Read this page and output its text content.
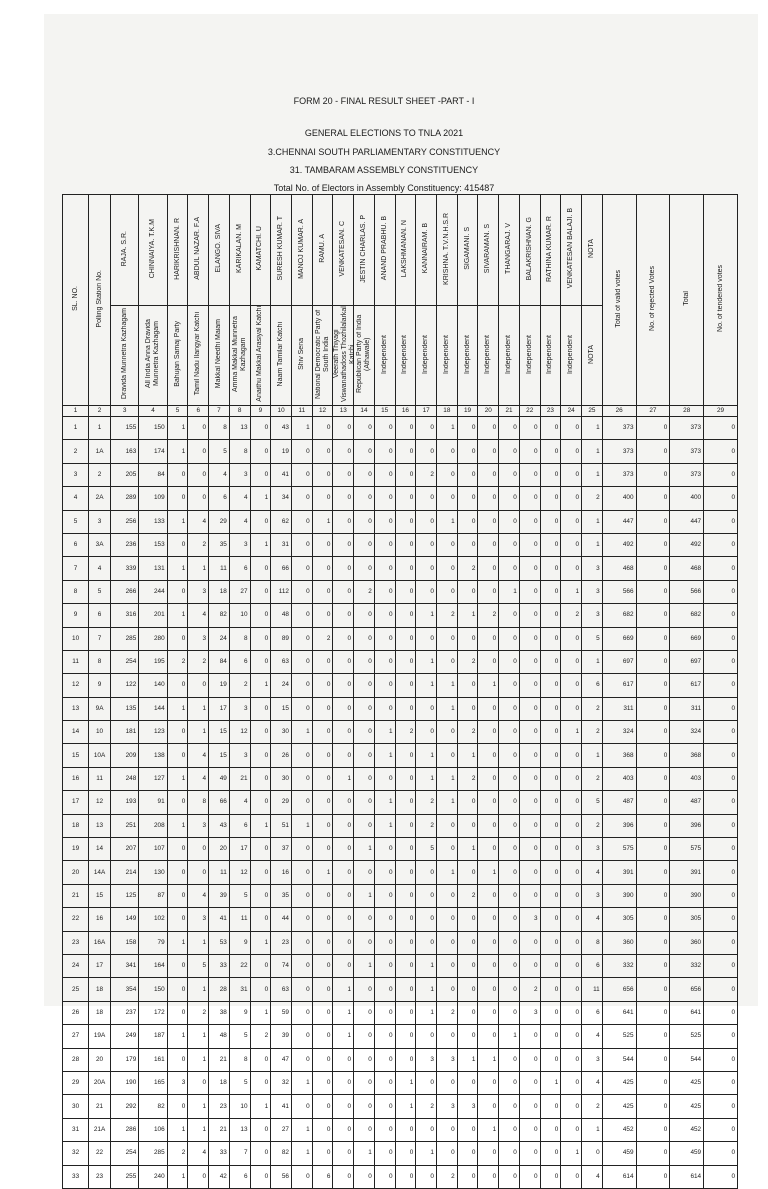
FORM 20 - FINAL RESULT SHEET -PART - I
GENERAL ELECTIONS TO TNLA 2021
3.CHENNAI SOUTH PARLIAMENTARY CONSTITUENCY
31. TAMBARAM ASSEMBLY CONSTITUENCY
Total No. of Electors in Assembly Constituency: 415487
SL. NO.	Polling Station No.	RAJA. S.R.	CHINNAIYA. T.K.M	HARIKRISHNAN. R	ABDUL NAZAR. F.A	ELANGO. SIVA	KARIKALAN. M	KAMATCHI. U	SURESH KUMAR. T	MANOJ KUMAR. A	RAMU. A	VENKATESAN. C	JESTIN CHARLAS. P	ANAND PRABHU. B	LAKSHMANAN. N	KANNAIRAM. B	KRISHNA. T.V.N.H.S.R	SIGAMANI. S	SIVARAMAN. S	THANGARAJ. V	BALAKRISHNAN. G	RATHINA KUMAR. R	VENKATESAN BALAJI. B	NOTA	Total of valid votes	No. of rejected Votes	Total	No. of tendered votes
		Dravida Munnetra Kazhagam	All India Anna Dravida Munnetra Kazhagam	Bahujan Samaj Party	Tamil Nadu Ilangyar Katchi	Makkal Needhi Maiam	Amma Makkal Munnetra Kazhagam	Anaithu Makkal Arasiyal Katchi	Naam Tamilar Katchi	Shiv Sena	National Democratic Party of South India	Veerath Thiyagi Viswanathadoss Thozhilalarkal Katchi	Republican Party of India (Athawale)	Independent	Independent	Independent	Independent	Independent	Independent	Independent	Independent	Independent	Independent	NOTA				
1	2	3	4	5	6	7	8	9	10	11	12	13	14	15	16	17	18	19	20	21	22	23	24	25	26	27	28	29
1	1	155	150	1	0	8	13	0	43	1	0	0	0	0	0	0	1	0	0	0	0	0	0	1	373	0	373	0
2	1A	163	174	1	0	5	8	0	19	0	0	0	0	0	0	0	0	0	0	0	0	0	0	1	373	0	373	0
3	2	205	84	0	0	4	3	0	41	0	0	0	0	0	0	2	0	0	0	0	0	0	0	1	373	0	373	0
4	2A	289	109	0	0	6	4	1	34	0	0	0	0	0	0	0	0	0	0	0	0	0	0	2	400	0	400	0
5	3	256	133	1	4	29	4	0	62	0	1	0	0	0	0	0	1	0	0	0	0	0	0	1	447	0	447	0
6	3A	236	153	0	2	35	3	1	31	0	0	0	0	0	0	0	0	0	0	0	0	0	0	1	492	0	492	0
7	4	339	131	1	1	11	6	0	66	0	0	0	0	0	0	0	0	2	0	0	0	0	0	3	468	0	468	0
8	5	266	244	0	3	18	27	0	112	0	0	0	2	0	0	0	0	0	0	1	0	0	1	3	566	0	566	0
9	6	316	201	1	4	82	10	0	48	0	0	0	0	0	0	1	2	1	2	0	0	0	2	3	682	0	682	0
10	7	285	280	0	3	24	8	0	89	0	2	0	0	0	0	0	0	0	0	0	0	0	0	5	669	0	669	0
11	8	254	195	2	2	84	6	0	63	0	0	0	0	0	0	1	0	2	0	0	0	0	0	1	697	0	697	0
12	9	122	140	0	0	19	2	1	24	0	0	0	0	0	0	1	1	0	1	0	0	0	0	6	617	0	617	0
13	9A	135	144	1	1	17	3	0	15	0	0	0	0	0	0	0	1	0	0	0	0	0	0	2	311	0	311	0
14	10	181	123	0	1	15	12	0	30	1	0	0	0	1	2	0	0	2	0	0	0	0	1	2	324	0	324	0
15	10A	209	138	0	4	15	3	0	26	0	0	0	0	1	0	1	0	1	0	0	0	0	0	1	368	0	368	0
16	11	248	127	1	4	49	21	0	30	0	0	1	0	0	0	1	1	2	0	0	0	0	0	2	403	0	403	0
17	12	193	91	0	8	66	4	0	29	0	0	0	0	1	0	2	1	0	0	0	0	0	0	5	487	0	487	0
18	13	251	208	1	3	43	6	1	51	1	0	0	0	1	0	2	0	0	0	0	0	0	0	2	396	0	396	0
19	14	207	107	0	0	20	17	0	37	0	0	0	1	0	0	5	0	1	0	0	0	0	0	3	575	0	575	0
20	14A	214	130	0	0	11	12	0	16	0	1	0	0	0	0	0	1	0	1	0	0	0	0	4	391	0	391	0
21	15	125	87	0	4	39	5	0	35	0	0	0	1	0	0	0	0	2	0	0	0	0	0	3	390	0	390	0
22	16	149	102	0	3	41	11	0	44	0	0	0	0	0	0	0	0	0	0	0	3	0	0	4	305	0	305	0
23	16A	158	79	1	1	53	9	1	23	0	0	0	0	0	0	0	0	0	0	0	0	0	0	8	360	0	360	0
24	17	341	164	0	5	33	22	0	74	0	0	0	1	0	0	1	0	0	0	0	0	0	0	6	332	0	332	0
25	18	354	150	0	1	28	31	0	63	0	0	1	0	0	0	1	0	0	0	0	2	0	0	11	656	0	656	0
26	18	237	172	0	2	38	9	1	59	0	0	1	0	0	0	1	2	0	0	0	3	0	0	6	641	0	641	0
27	19A	249	187	1	1	48	5	2	39	0	0	1	0	0	0	0	0	0	0	1	0	0	0	4	525	0	525	0
28	20	179	161	0	1	21	8	0	47	0	0	0	0	0	0	3	3	1	1	0	0	0	0	3	544	0	544	0
29	20A	190	165	3	0	18	5	0	32	1	0	0	0	0	1	0	0	0	0	0	0	1	0	4	425	0	425	0
30	21	292	82	0	1	23	10	1	41	0	0	0	0	0	1	2	3	3	0	0	0	0	0	2	425	0	425	0
31	21A	286	106	1	1	21	13	0	27	1	0	0	0	0	0	0	0	0	1	0	0	0	0	1	452	0	452	0
32	22	254	285	2	4	33	7	0	82	1	0	0	1	0	0	1	0	0	0	0	0	0	1	0	459	0	459	0
33	23	255	240	1	0	42	6	0	56	0	6	0	0	0	0	0	2	0	0	0	0	0	0	4	614	0	614	0
